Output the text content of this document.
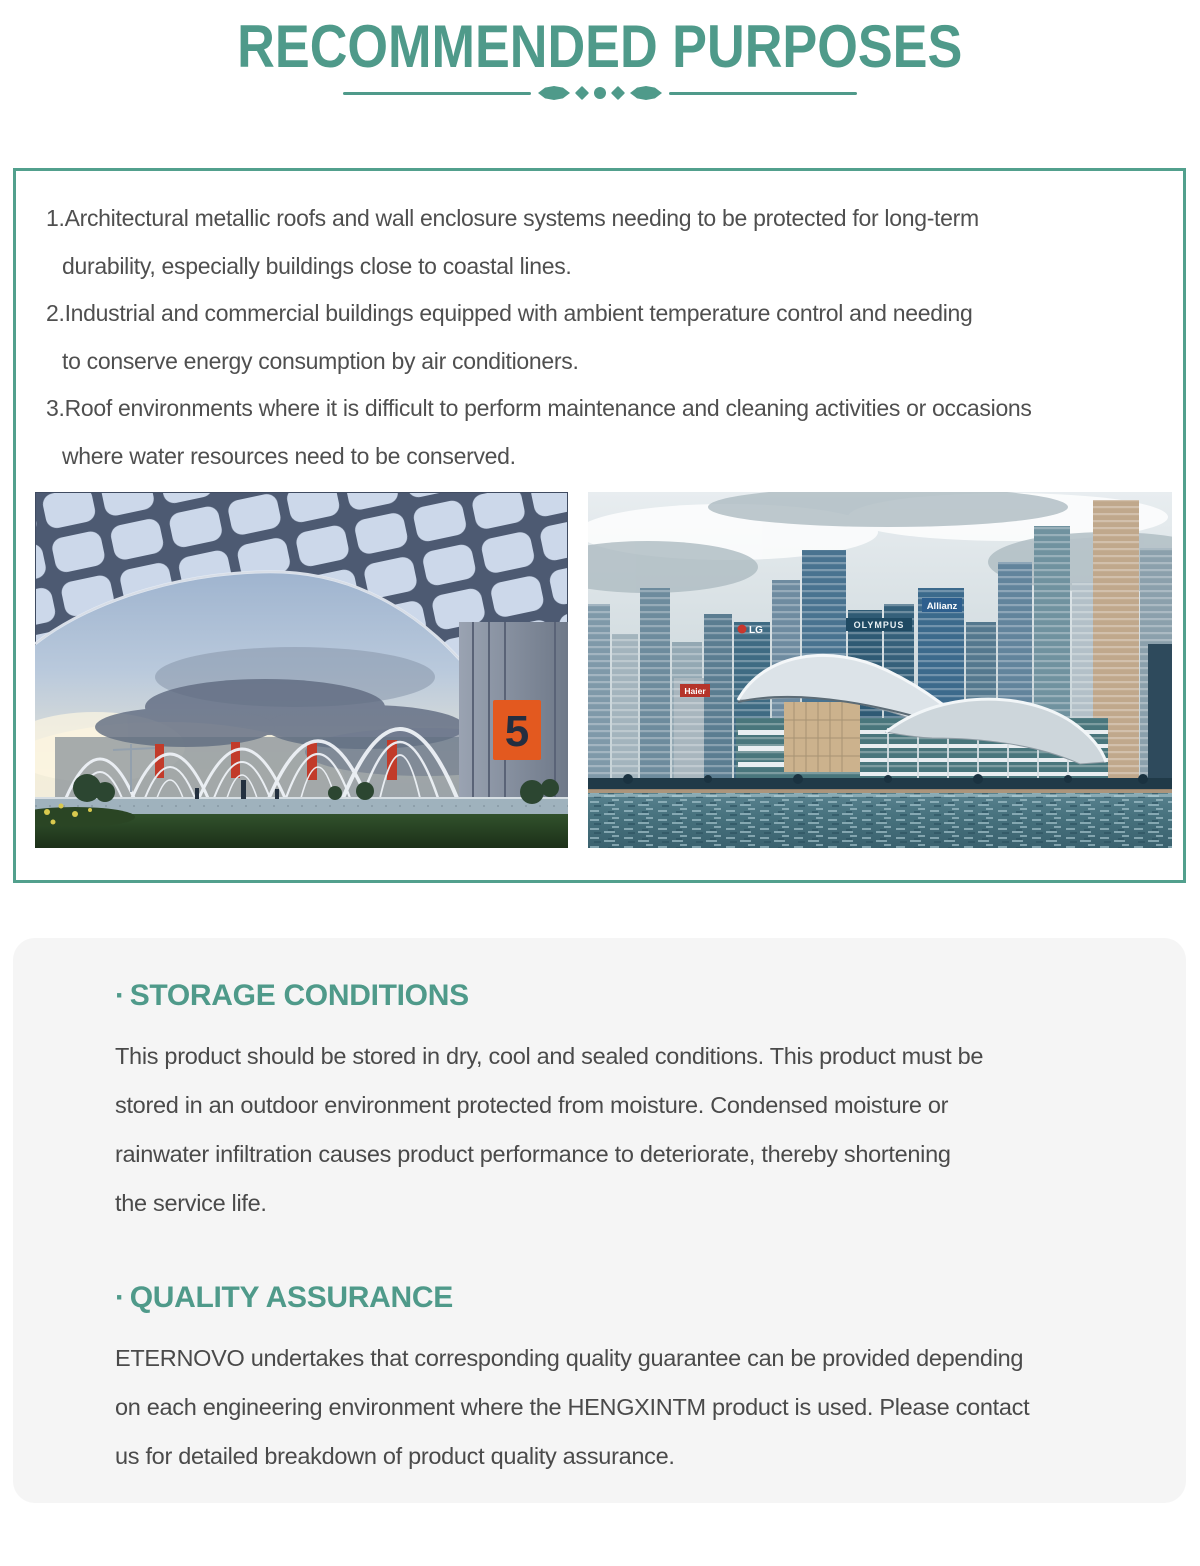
RECOMMENDED PURPOSES
1.Architectural metallic roofs and wall enclosure systems needing to be protected for long-term
durability, especially buildings close to coastal lines.
2.Industrial and commercial buildings equipped with ambient temperature control and needing
to conserve energy consumption by air conditioners.
3.Roof environments where it is difficult to perform maintenance and cleaning activities or occasions
where water resources need to be conserved.
5
OLYMPUS
Allianz
LG
Haier
· STORAGE CONDITIONS
This product should be stored in dry, cool and sealed conditions. This product must be
stored in an outdoor environment protected from moisture. Condensed moisture or
rainwater infiltration causes product performance to deteriorate, thereby shortening
the service life.
· QUALITY ASSURANCE
ETERNOVO undertakes that corresponding quality guarantee can be provided depending
on each engineering environment where the HENGXINTM product is used. Please contact
us for detailed breakdown of product quality assurance.
